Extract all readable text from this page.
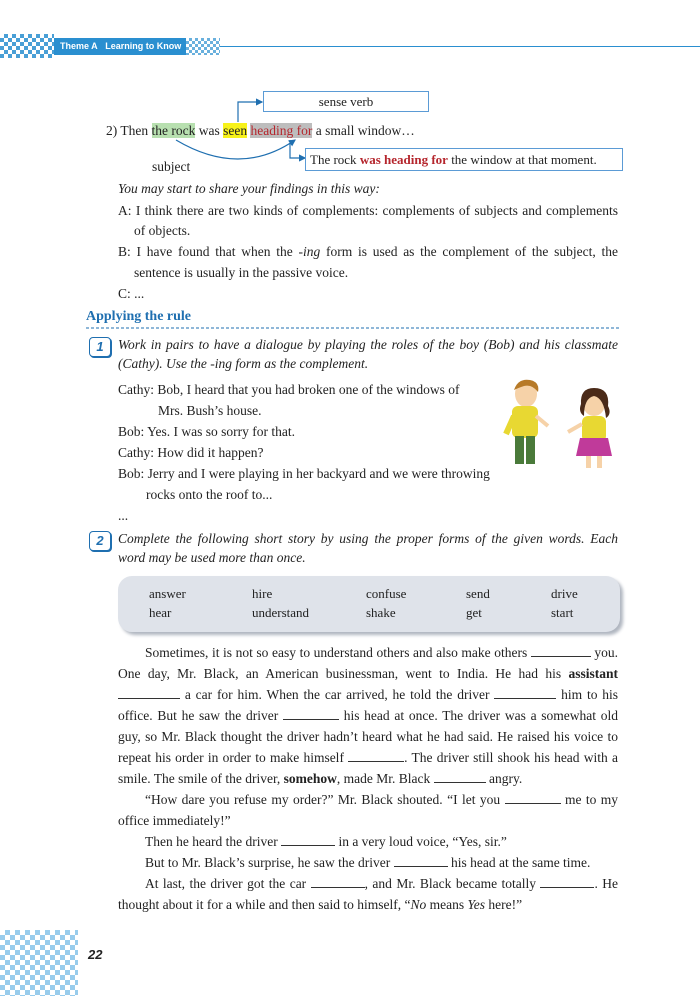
Theme A Learning to Know
sense verb
2) Then the rock was seen heading for a small window…
subject	The rock was heading for the window at that moment.
You may start to share your findings in this way:
A: I think there are two kinds of complements: complements of subjects and complements
of objects.
B: I have found that when the -ing form is used as the complement of the subject, the
sentence is usually in the passive voice.
C: ...
Applying the rule
1	Work in pairs to have a dialogue by playing the roles of the boy (Bob) and his classmate
(Cathy). Use the -ing form as the complement.
Cathy: Bob, I heard that you had broken one of the windows of
Mrs. Bush’s house.
Bob: Yes. I was so sorry for that.
Cathy: How did it happen?
Bob: Jerry and I were playing in her backyard and we were throwing
rocks onto the roof to...
...
2	Complete the following short story by using the proper forms of the given words. Each
word may be used more than once.
answer	hire	confuse	send	drive
hear	understand	shake	get	start
Sometimes, it is not so easy to understand others and also make others	you.
One day, Mr. Black, an American businessman, went to India. He had his assistant
a car for him. When the car arrived, he told the driver	him to his
office. But he saw the driver	his head at once. The driver was a somewhat old
guy, so Mr. Black thought the driver hadn’t heard what he had said. He raised his voice to
repeat his order in order to make himself	. The driver still shook his head with a
smile. The smile of the driver, somehow, made Mr. Black	angry.
“How dare you refuse my order?” Mr. Black shouted. “I let you	me to my
office immediately!”
Then he heard the driver	in a very loud voice, “Yes, sir.”
But to Mr. Black’s surprise, he saw the driver	his head at the same time.
At last, the driver got the car	, and Mr. Black became totally	. He
thought about it for a while and then said to himself, “No means Yes here!”
22
